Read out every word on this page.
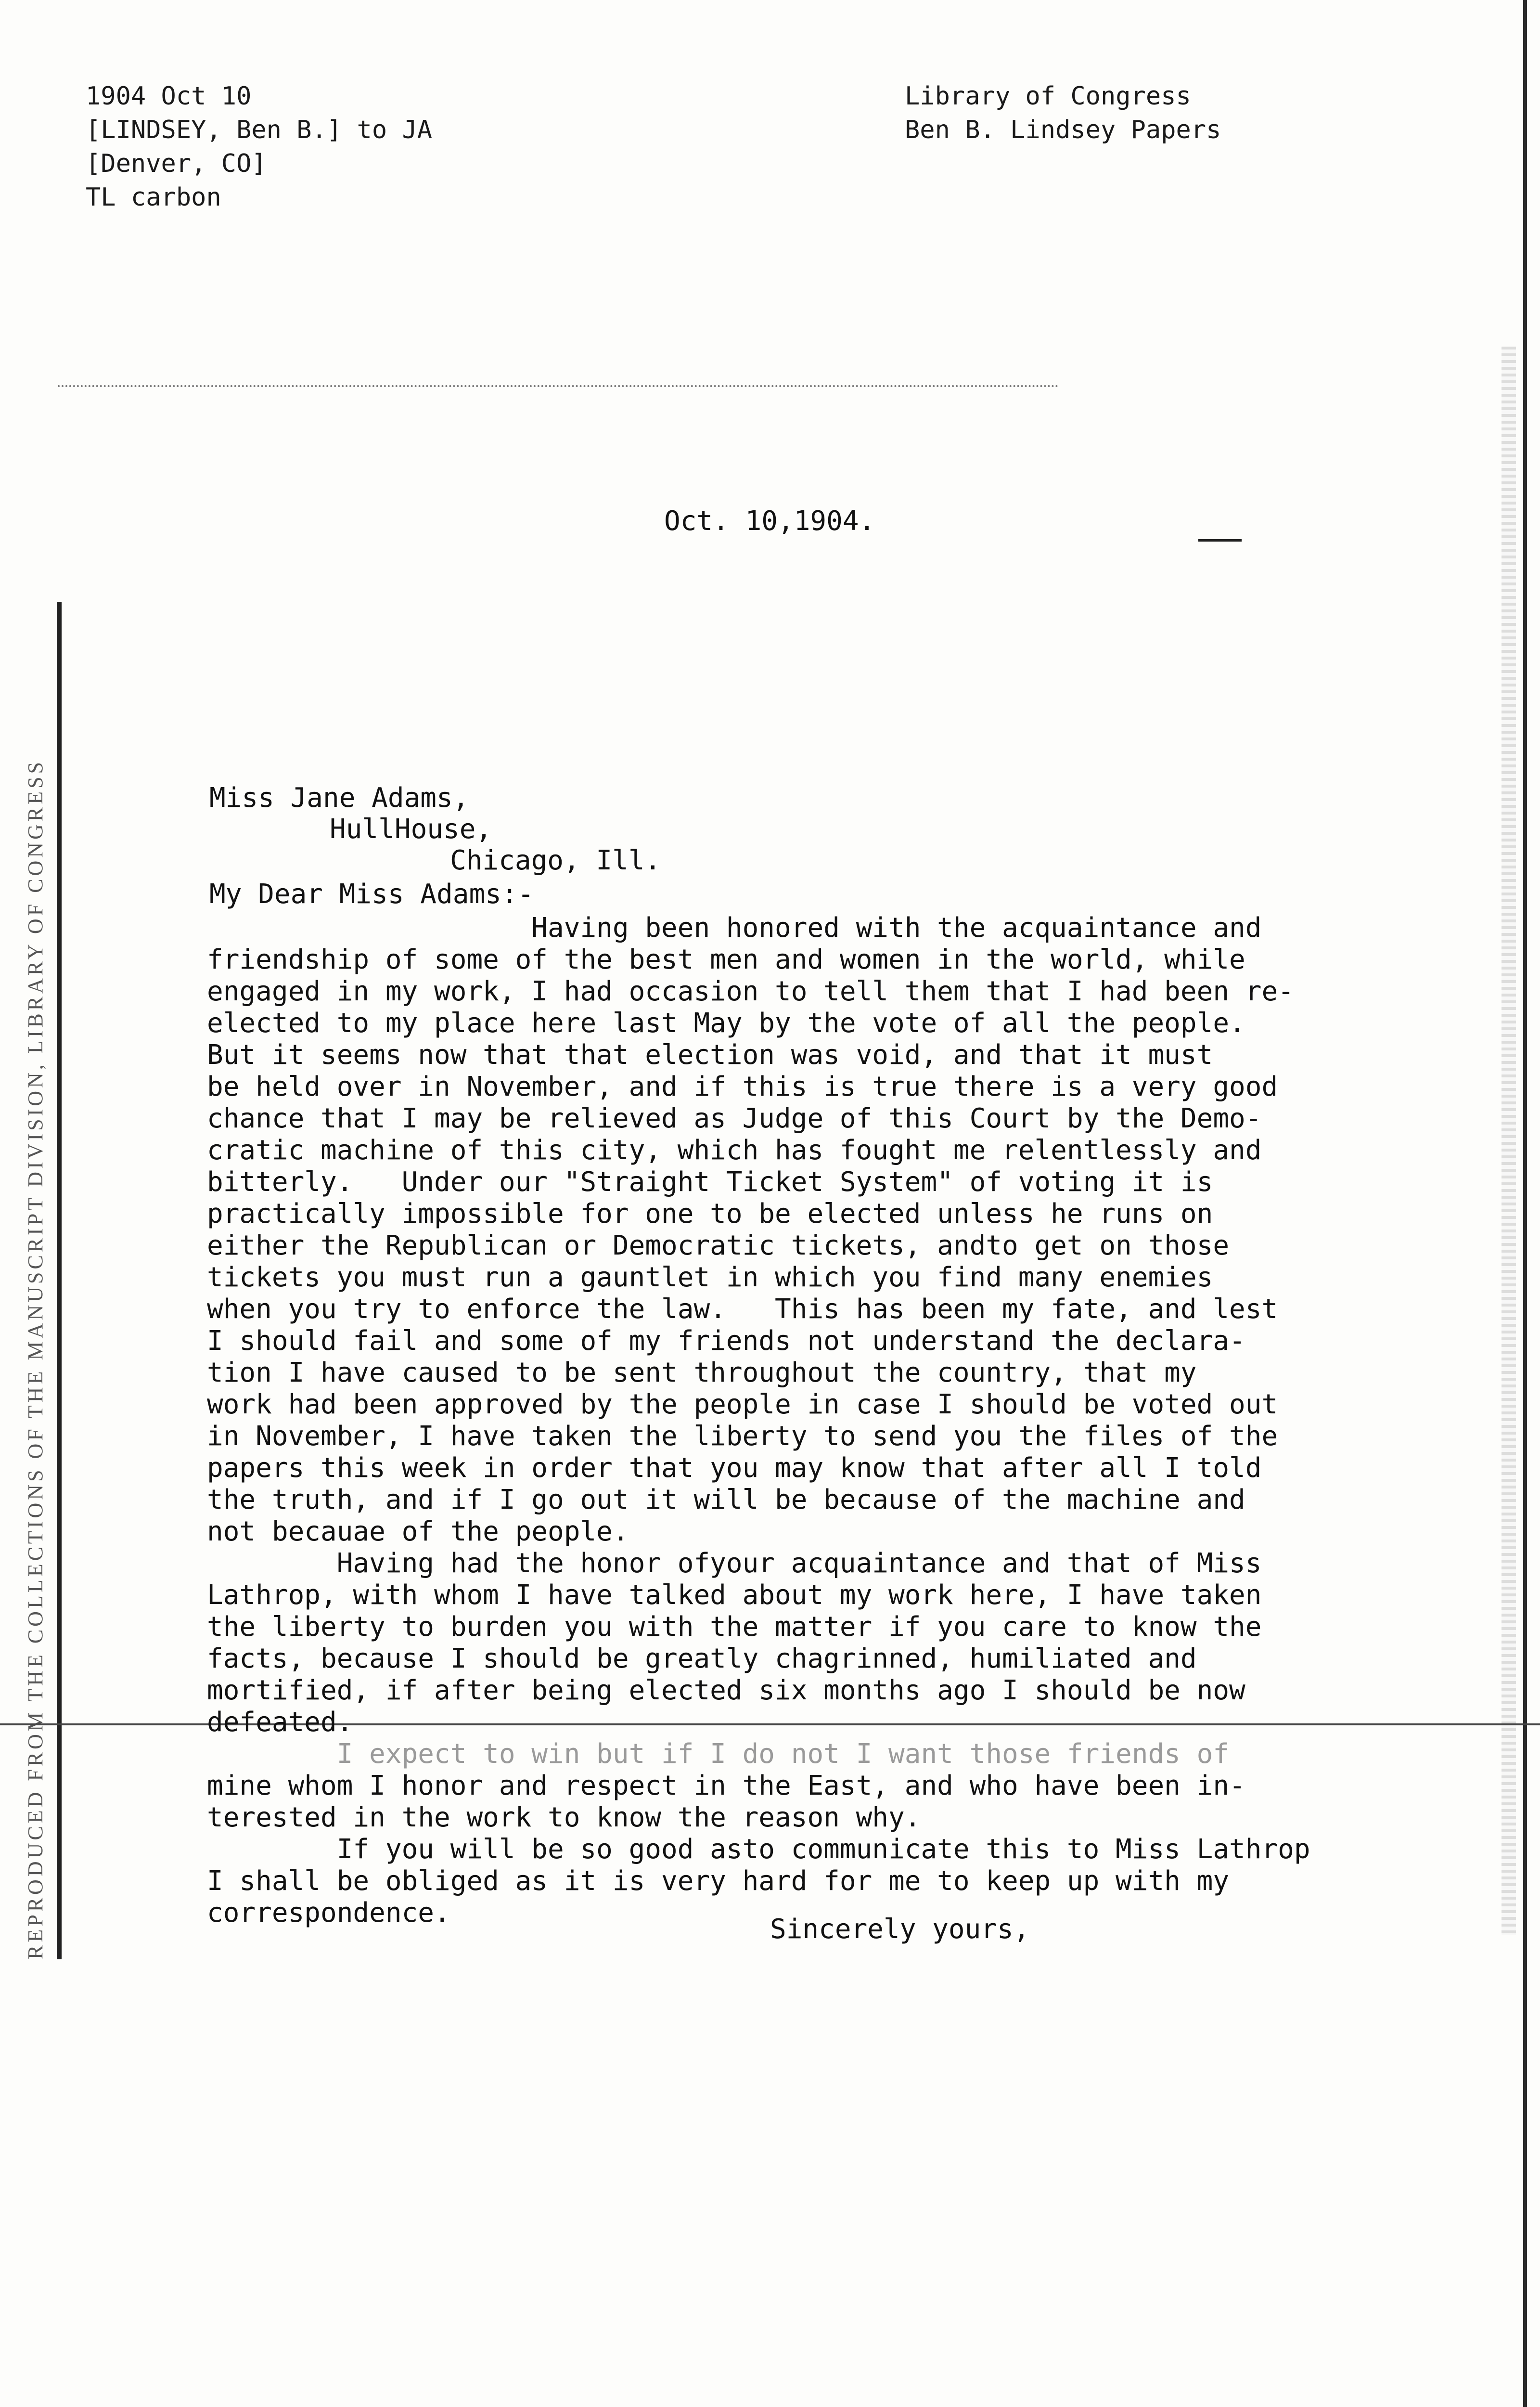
1904 Oct 10
[LINDSEY, Ben B.] to JA
[Denver, CO]
TL carbon
Library of Congress
Ben B. Lindsey Papers
REPRODUCED FROM THE COLLECTIONS OF THE MANUSCRIPT DIVISION, LIBRARY OF CONGRESS
Oct. 10,1904.
Miss Jane Adams,
HullHouse,
Chicago, Ill.
My Dear Miss Adams:-
Having been honored with the acquaintance and
friendship of some of the best men and women in the world, while
engaged in my work, I had occasion to tell them that I had been re-
elected to my place here last May by the vote of all the people.
But it seems now that that election was void, and that it must
be held over in November, and if this is true there is a very good
chance that I may be relieved as Judge of this Court by the Demo-
cratic machine of this city, which has fought me relentlessly and
bitterly.   Under our "Straight Ticket System" of voting it is
practically impossible for one to be elected unless he runs on
either the Republican or Democratic tickets, andto get on those
tickets you must run a gauntlet in which you find many enemies
when you try to enforce the law.   This has been my fate, and lest
I should fail and some of my friends not understand the declara-
tion I have caused to be sent throughout the country, that my
work had been approved by the people in case I should be voted out
in November, I have taken the liberty to send you the files of the
papers this week in order that you may know that after all I told
the truth, and if I go out it will be because of the machine and
not becauae of the people.
Having had the honor ofyour acquaintance and that of Miss
Lathrop, with whom I have talked about my work here, I have taken
the liberty to burden you with the matter if you care to know the
facts, because I should be greatly chagrinned, humiliated and
mortified, if after being elected six months ago I should be now
defeated.
I expect to win but if I do not I want those friends of
mine whom I honor and respect in the East, and who have been in-
terested in the work to know the reason why.
If you will be so good asto communicate this to Miss Lathrop
I shall be obliged as it is very hard for me to keep up with my
correspondence.
Sincerely yours,
